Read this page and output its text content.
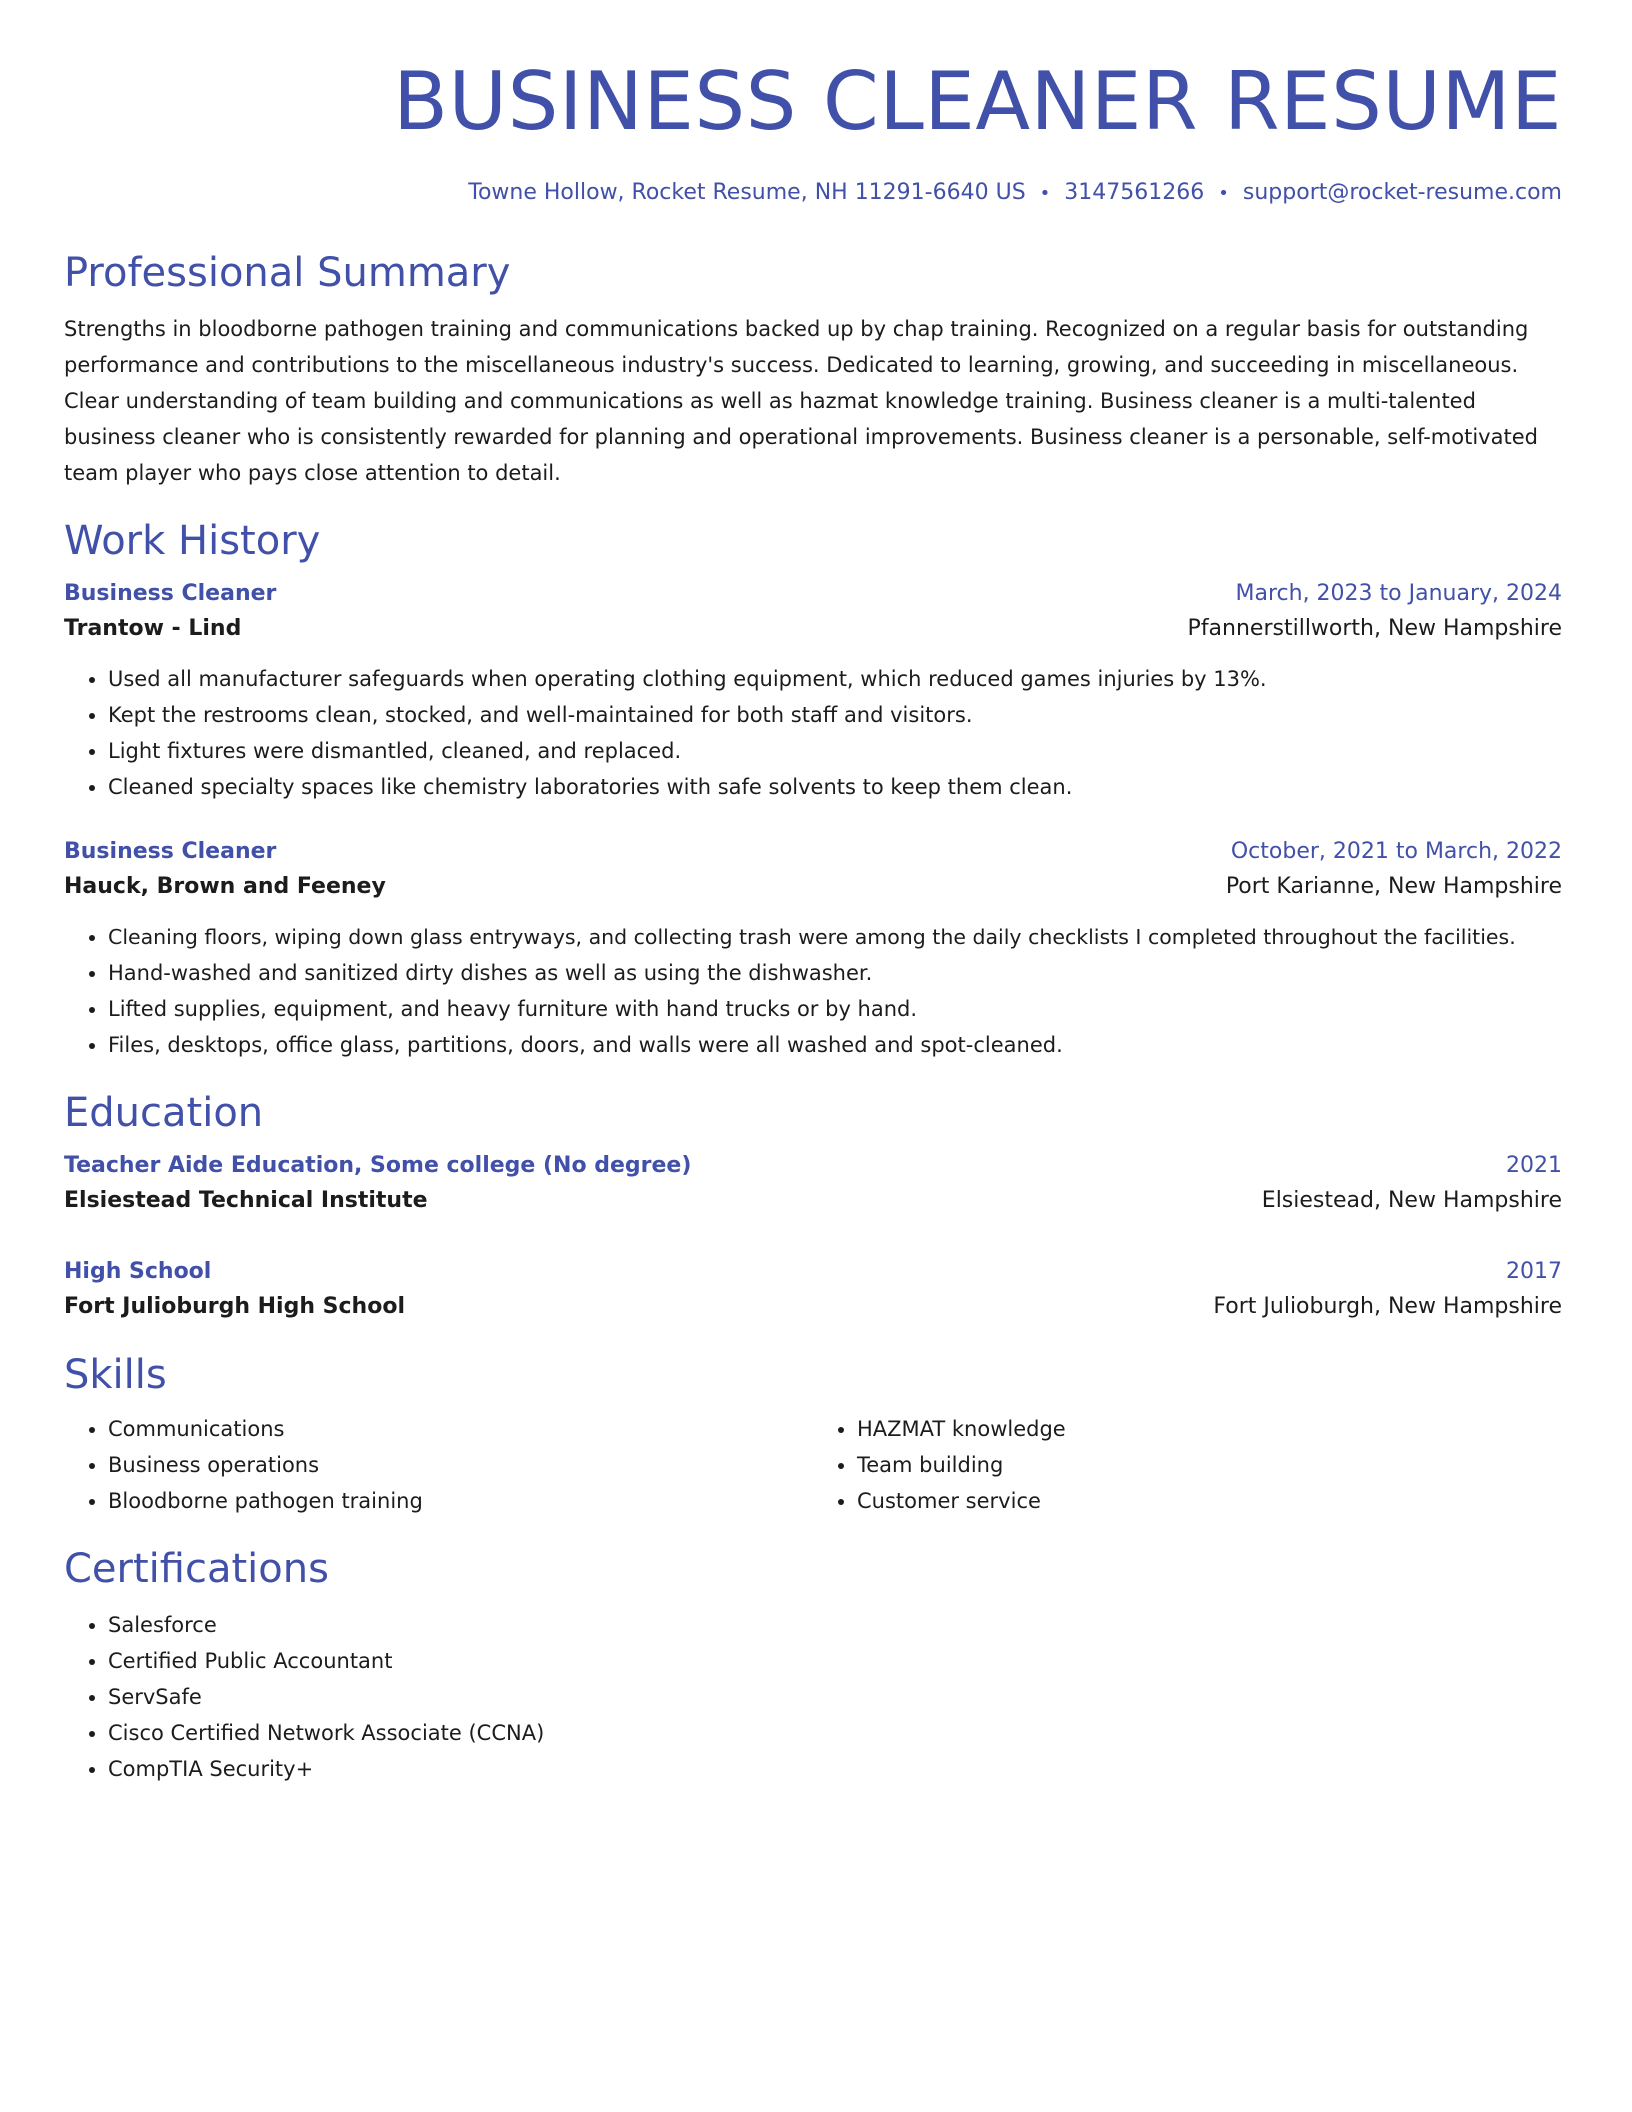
BUSINESS CLEANER RESUME
Towne Hollow, Rocket Resume, NH 11291-6640 US • 3147561266 • support@rocket-resume.com
Professional Summary

Strengths in bloodborne pathogen training and communications backed up by chap training. Recognized on a regular basis for outstanding performance and contributions to the miscellaneous industry's success. Dedicated to learning, growing, and succeeding in miscellaneous. Clear understanding of team building and communications as well as hazmat knowledge training. Business cleaner is a multi-talented business cleaner who is consistently rewarded for planning and operational improvements. Business cleaner is a personable, self-motivated team player who pays close attention to detail.

Work History
Business Cleaner	March, 2023 to January, 2024
Trantow - Lind	Pfannerstillworth, New Hampshire
• Used all manufacturer safeguards when operating clothing equipment, which reduced games injuries by 13%.
• Kept the restrooms clean, stocked, and well-maintained for both staff and visitors.
• Light fixtures were dismantled, cleaned, and replaced.
• Cleaned specialty spaces like chemistry laboratories with safe solvents to keep them clean.
Business Cleaner	October, 2021 to March, 2022
Hauck, Brown and Feeney	Port Karianne, New Hampshire
• Cleaning floors, wiping down glass entryways, and collecting trash were among the daily checklists I completed throughout the facilities.
• Hand-washed and sanitized dirty dishes as well as using the dishwasher.
• Lifted supplies, equipment, and heavy furniture with hand trucks or by hand.
• Files, desktops, office glass, partitions, doors, and walls were all washed and spot-cleaned.
Education
Teacher Aide Education, Some college (No degree)	2021
Elsiestead Technical Institute	Elsiestead, New Hampshire
High School	2017
Fort Julioburgh High School	Fort Julioburgh, New Hampshire
Skills
• Communications
• Business operations
• Bloodborne pathogen training
• HAZMAT knowledge
• Team building
• Customer service
Certifications
• Salesforce
• Certified Public Accountant
• ServSafe
• Cisco Certified Network Associate (CCNA)
• CompTIA Security+
